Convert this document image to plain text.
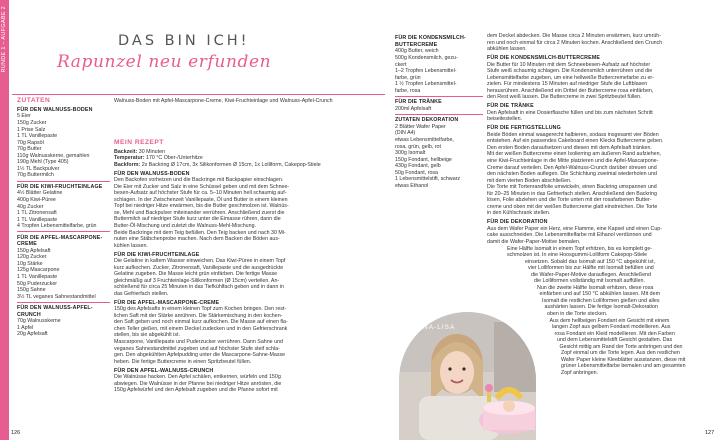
RUNDE 1 – AUFGABE 2
126	127
DAS BIN ICH!
Rapunzel neu erfunden
Walnuss-Boden mit Apfel-Mascarpone-Creme, Kiwi-Fruchteinlage und Walnuss-Apfel-Crunch

ZUTATEN

FÜR DEN WALNUSS-BODEN

5 Eier

150g Zucker

1 Prise Salz

1 TL Vanillepaste

70g Rapsöl

70g Butter

110g Walnusskerne, gemahlen

190g Mehl (Type 405)

1½ TL Backpulver

70g Buttermilch

FÜR DIE KIWI-FRUCHTEINLAGE

4½ Blätter Gelatine

400g Kiwi-Püree

40g Zucker

1 TL Zitronensaft

1 TL Vanillepaste

4 Tropfen Lebensmittelfarbe, grün

FÜR DIE APFEL-MASCARPONE-CREME

150g Apfelsaft

120g Zucker

10g Stärke

125g Mascarpone

1 TL Vanillepaste

50g Puderzucker

150g Sahne

3½ TL veganes Sahnestandmittel

FÜR DEN WALNUSS-APFEL-CRUNCH

70g Walnusskerne

1 Apfel

20g Apfelsaft

MEIN REZEPT

Backzeit: 30 Minuten

Temperatur: 170 °C Ober-/Unterhitze

Backform: 2x Backring Ø 17cm, 3x Silikonformen Ø 15cm, 1x Lolliform, Cakepop-Stiele

FÜR DEN WALNUSS-BODEN

Den Backofen vorheizen und die Backringe mit Backpapier einschlagen.

Die Eier mit Zucker und Salz in eine Schüssel geben und mit dem Schnee-

besen-Aufsatz auf höchster Stufe für ca. 5–10 Minuten hell schaumig auf-

schlagen. In der Zwischenzeit Vanillepaste, Öl und Butter in einem kleinen

Topf bei niedriger Hitze erwärmen, bis die Butter geschmolzen ist. Walnüs-

se, Mehl und Backpulver miteinander verrühren. Anschließend zuerst die

Buttermilch auf niedriger Stufe kurz unter die Eimasse rühren, dann die

Butter-Öl-Mischung und zuletzt die Walnuss-Mehl-Mischung.

Beide Backringe mit dem Teig befüllen. Den Teig backen und nach 30 Mi-

nuten eine Stäbchenprobe machen. Nach dem Backen die Böden aus-

kühlen lassen.

FÜR DIE KIWI-FRUCHTEINLAGE

Die Gelatine in kaltem Wasser einweichen. Das Kiwi-Püree in einem Topf

kurz aufkochen. Zucker, Zitronensaft, Vanillepaste und die ausgedrückte

Gelatine zugeben. Die Masse leicht grün einfärben. Die fertige Masse

gleichmäßig auf 3 Fruchteinlage-Silikonformen (Ø 15cm) verteilen. An-

schließend für circa 25 Minuten in das Tiefkühlfach geben und in dann in

das Gefrierfach stellen.

FÜR DIE APFEL-MASCARPONE-CREME

150g des Apfelsafts in einem kleinen Topf zum Kochen bringen. Den rest-

lichen Saft mit der Stärke anrühren. Die Stärkemischung in den kochen-

den Saft geben und noch einmal kurz aufkochen. Die Masse auf einen fla-

chen Teller gießen, mit einem Deckel zudecken und in den Gefrierschrank

stellen, bis sie abgekühlt ist.

Mascarpone, Vanillepaste und Puderzucker verrühren. Dann Sahne und

veganes Sahnestandmittel zugeben und auf höchster Stufe steif schla-

gen. Den abgekühlten Apfelpudding unter die Mascarpone-Sahne-Masse

heben. Die fertige Buttercreme in einen Spritzbeutel füllen.

FÜR DEN APFEL-WALNUSS-CRUNCH

Die Walnüsse hacken. Den Apfel schälen, entkernen, würfeln und 150g

abwiegen. Die Walnüsse in der Pfanne bei niedriger Hitze anrösten, die

150g Apfelwürfel und den Apfelsaft zugeben und die Pfanne sofort mit

FÜR DIE KONDENSMILCH-BUTTERCREME

400g Butter, weich

500g Kondensmilch, gezu-

ckert

1–2 Tropfen Lebensmittel-

farbe, grün

1 ½ Tropfen Lebensmittel-

farbe, rosa

FÜR DIE TRÄNKE

200ml Apfelsaft

ZUTATEN DEKORATION

2 Blätter Wafer Paper

(DIN A4)

etwas Lebensmittelfarbe,

rosa, grün, gelb, rot

300g Isomalt

150g Fondant, hellbeige

430g Fondant, gelb

50g Fondant, rosa

1 Lebensmittelstift, schwarz

etwas Ethanol

dem Deckel abdecken. Die Masse circa 2 Minuten erwärmen, kurz umrüh-

ren und noch einmal für circa 2 Minuten kochen. Anschließend den Crunch

abkühlen lassen.

FÜR DIE KONDENSMILCH-BUTTERCREME

Die Butter für 10 Minuten mit dem Schneebesen-Aufsatz auf höchster

Stufe weiß schaumig schlagen. Die Kondensmilch unterrühren und die

Lebensmittelfarbe zugeben, um eine hellweiße Buttercremefarbe zu er-

zielen. Für mindestens 15 Minuten auf niedriger Stufe die Luftblasen

herausrühren. Anschließend ein Drittel der Buttercreme rosa einfärben,

den Rest weiß lassen. Die Buttercreme in zwei Spritzbeutel füllen.

FÜR DIE TRÄNKE

Den Apfelsaft in eine Dosierflasche füllen und bis zum nächsten Schritt

beiseitestellen.

FÜR DIE FERTIGSTELLUNG

Beide Böden einmal waagerecht halbieren, sodass insgesamt vier Böden

entstehen. Auf ein passendes Cakeboard einen Klecks Buttercreme geben.

Den ersten Boden daraufsetzen und diesen mit dem Apfelsaft tränken.

Mit der weißen Buttercreme einen Isolierring am äußeren Rand aufziehen,

eine Kiwi-Fruchteinlage in die Mitte platzieren und die Apfel-Mascarpone-

Creme darauf verteilen. Den Apfel-Walnuss-Crunch darüber streuen und

den nächsten Boden auflegen. Die Schichtung zweimal wiederholen und

mit dem vierten Boden abschließen.

Die Torte mit Tortenrandfolie umwickeln, einen Backring umspannen und

für 20–25 Minuten in das Gefrierfach stellen. Anschließend den Backring

lösen, Folie abziehen und die Torte unten mit der rosafarbenen Butter-

creme und oben mit der weißen Buttercreme glatt einstreichen. Die Torte

in den Kühlschrank stellen.

FÜR DIE DEKORATION

Aus dem Wafer Paper ein Herz, eine Flamme, eine Kapsel und einen Cup-

cake ausschneiden. Die Lebensmittelfarbe mit Ethanol verdünnen und

damit die Wafer-Paper-Motive bemalen.

Eine Hälfte Isomalt in einem Topf erhitzen, bis es komplett ge-

schmolzen ist. In eine Hoosgummi-Lolliform Cakepop-Stiele

einsetzen. Sobald das Isomalt auf 150 °C abgekühlt ist,

vier Lolliformen bis zur Hälfte mit Isomalt befüllen und

die Wafer-Paper-Motive darauflegen. Anschließend

die Lolliformen vollständig mit Isomalt auffüllen.

Nun die zweite Hälfte Isomalt erhitzen, diese rosa

einfärben und auf 150 °C abkühlen lassen. Mit dem

Isomalt die restlichen Lolliformen gießen und alles

aushärten lassen. Die fertige Isomalt-Dekoration

oben in die Torte stecken.

Aus dem hellbeigen Fondant ein Gesicht mit einem

langen Zopf aus gelbem Fondant modellieren. Aus

rosa Fondant ein Kleid modellieren. Mit den Farben

und dem Lebensmittelstift Gesicht gestalten. Das

Gesicht mittig am Rand der Torte anbringen und den

Zopf einmal um die Torte legen. Aus den restlichen

Wafer Paper kleine Kleeblätter ausstanzen, diese mit

grüner Lebensmittelfarbe bemalen und am gesamten

Zopf anbringen.

ANNA-LISA
